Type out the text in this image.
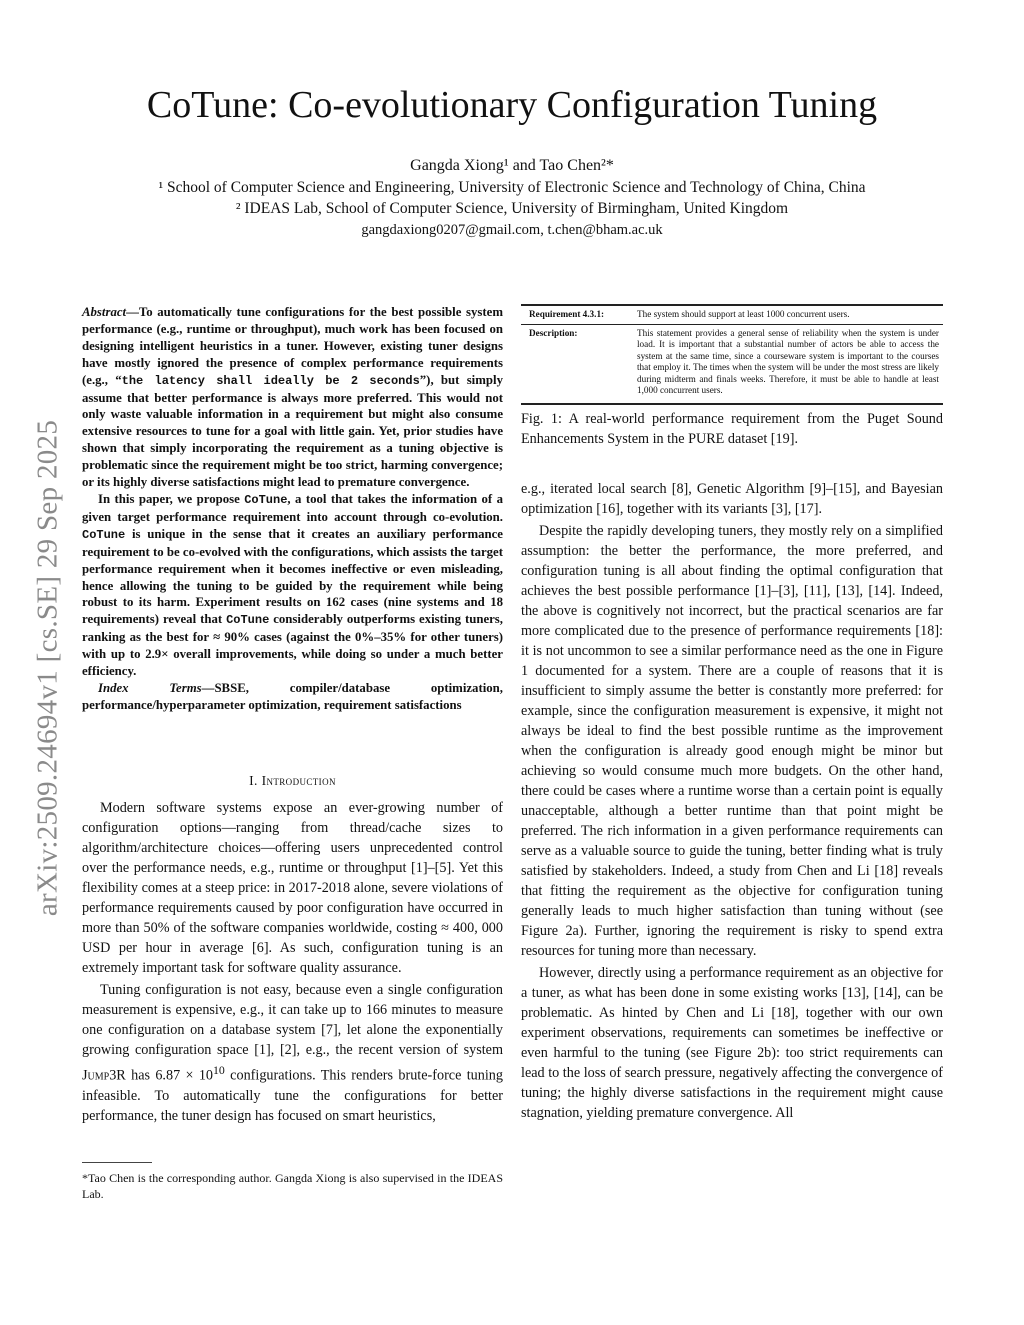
arXiv:2509.24694v1 [cs.SE] 29 Sep 2025
CoTune: Co-evolutionary Configuration Tuning
Gangda Xiong¹ and Tao Chen²*
¹ School of Computer Science and Engineering, University of Electronic Science and Technology of China, China
² IDEAS Lab, School of Computer Science, University of Birmingham, United Kingdom
gangdaxiong0207@gmail.com, t.chen@bham.ac.uk

Abstract—To automatically tune configurations for the best possible system performance (e.g., runtime or throughput), much work has been focused on designing intelligent heuristics in a tuner. However, existing tuner designs have mostly ignored the presence of complex performance requirements (e.g., “the latency shall ideally be 2 seconds”), but simply assume that better performance is always more preferred. This would not only waste valuable information in a requirement but might also consume extensive resources to tune for a goal with little gain. Yet, prior studies have shown that simply incorporating the requirement as a tuning objective is problematic since the requirement might be too strict, harming convergence; or its highly diverse satisfactions might lead to premature convergence.

In this paper, we propose CoTune, a tool that takes the information of a given target performance requirement into account through co-evolution. CoTune is unique in the sense that it creates an auxiliary performance requirement to be co-evolved with the configurations, which assists the target performance requirement when it becomes ineffective or even misleading, hence allowing the tuning to be guided by the requirement while being robust to its harm. Experiment results on 162 cases (nine systems and 18 requirements) reveal that CoTune considerably outperforms existing tuners, ranking as the best for ≈ 90% cases (against the 0%–35% for other tuners) with up to 2.9× overall improvements, while doing so under a much better efficiency.

Index Terms—SBSE, compiler/database optimization, performance/hyperparameter optimization, requirement satisfactions

I. Introduction

Modern software systems expose an ever-growing number of configuration options—ranging from thread/cache sizes to algorithm/architecture choices—offering users unprecedented control over the performance needs, e.g., runtime or throughput [1]–[5]. Yet this flexibility comes at a steep price: in 2017-2018 alone, severe violations of performance requirements caused by poor configuration have occurred in more than 50% of the software companies worldwide, costing ≈ 400, 000 USD per hour in average [6]. As such, configuration tuning is an extremely important task for software quality assurance.

Tuning configuration is not easy, because even a single configuration measurement is expensive, e.g., it can take up to 166 minutes to measure one configuration on a database system [7], let alone the exponentially growing configuration space [1], [2], e.g., the recent version of system Jump3R has $6.87 \times 10^{10}$ configurations. This renders brute-force tuning infeasible. To automatically tune the configurations for better performance, the tuner design has focused on smart heuristics,

*Tao Chen is the corresponding author. Gangda Xiong is also supervised in the IDEAS Lab.
Requirement 4.3.1:	The system should support at least 1000 concurrent users.
Description:	This statement provides a general sense of reliability when the system is under load. It is important that a substantial number of actors be able to access the system at the same time, since a courseware system is important to the courses that employ it. The times when the system will be under the most stress are likely during midterm and finals weeks. Therefore, it must be able to handle at least 1,000 concurrent users.
Fig. 1: A real-world performance requirement from the Puget Sound Enhancements System in the PURE dataset [19].

e.g., iterated local search [8], Genetic Algorithm [9]–[15], and Bayesian optimization [16], together with its variants [3], [17].

Despite the rapidly developing tuners, they mostly rely on a simplified assumption: the better the performance, the more preferred, and configuration tuning is all about finding the optimal configuration that achieves the best possible performance [1]–[3], [11], [13], [14]. Indeed, the above is cognitively not incorrect, but the practical scenarios are far more complicated due to the presence of performance requirements [18]: it is not uncommon to see a similar performance need as the one in Figure 1 documented for a system. There are a couple of reasons that it is insufficient to simply assume the better is constantly more preferred: for example, since the configuration measurement is expensive, it might not always be ideal to find the best possible runtime as the improvement when the configuration is already good enough might be minor but achieving so would consume much more budgets. On the other hand, there could be cases where a runtime worse than a certain point is equally unacceptable, although a better runtime than that point might be preferred. The rich information in a given performance requirements can serve as a valuable source to guide the tuning, better finding what is truly satisfied by stakeholders. Indeed, a study from Chen and Li [18] reveals that fitting the requirement as the objective for configuration tuning generally leads to much higher satisfaction than tuning without (see Figure 2a). Further, ignoring the requirement is risky to spend extra resources for tuning more than necessary.

However, directly using a performance requirement as an objective for a tuner, as what has been done in some existing works [13], [14], can be problematic. As hinted by Chen and Li [18], together with our own experiment observations, requirements can sometimes be ineffective or even harmful to the tuning (see Figure 2b): too strict requirements can lead to the loss of search pressure, negatively affecting the convergence of tuning; the highly diverse satisfactions in the requirement might cause stagnation, yielding premature convergence. All
